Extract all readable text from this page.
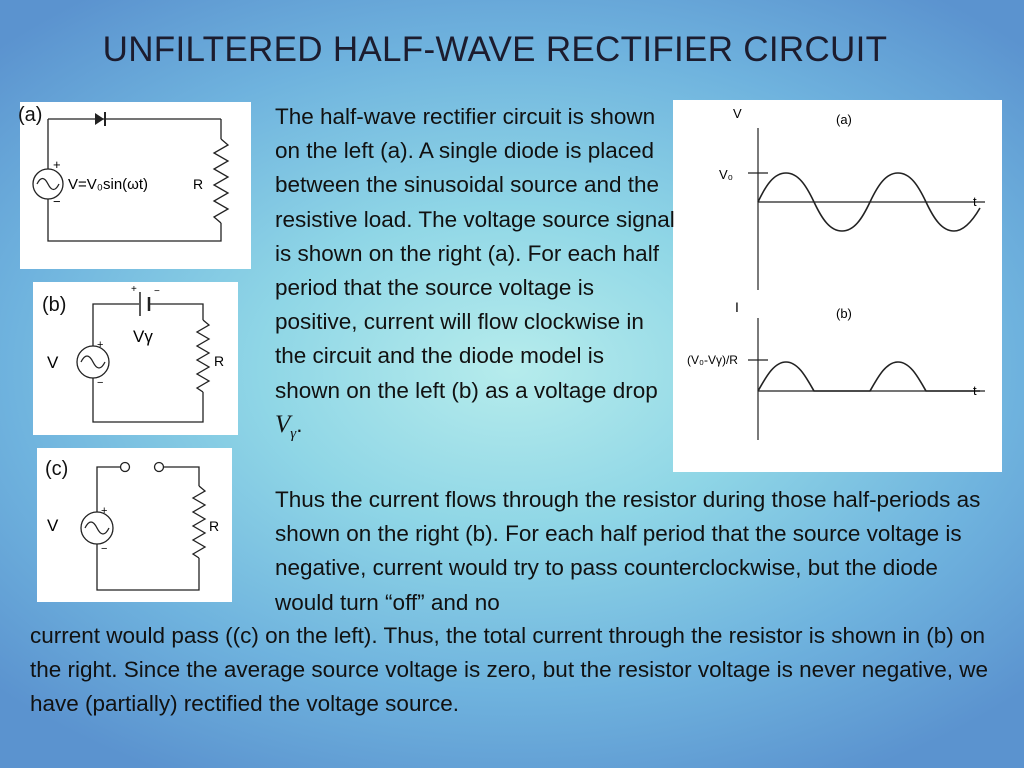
UNFILTERED HALF-WAVE RECTIFIER CIRCUIT
+
−
V=V₀sin(ωt)	R
(a)
+ −
+
−
Vγ
V	R
(b)
+
−
V	R
(c)
V	(a)
V₀
t
I	(b)
(V₀-Vγ)/R
t

The half-wave rectifier circuit is shown on the left (a). A single diode is placed between the sinusoidal source and the resistive load. The voltage source signal is shown on the right (a). For each half period that the source voltage is positive, current will flow clockwise in the circuit and the diode model is shown on the left (b) as a voltage drop $V_\gamma$.

Thus the current flows through the resistor during those half-periods as shown on the right (b). For each half period that the source voltage is negative, current would try to pass counterclockwise, but the diode would turn “off” and no

current would pass ((c) on the left). Thus, the total current through the resistor is shown in (b) on the right. Since the average source voltage is zero, but the resistor voltage is never negative, we have (partially) rectified the voltage source.
